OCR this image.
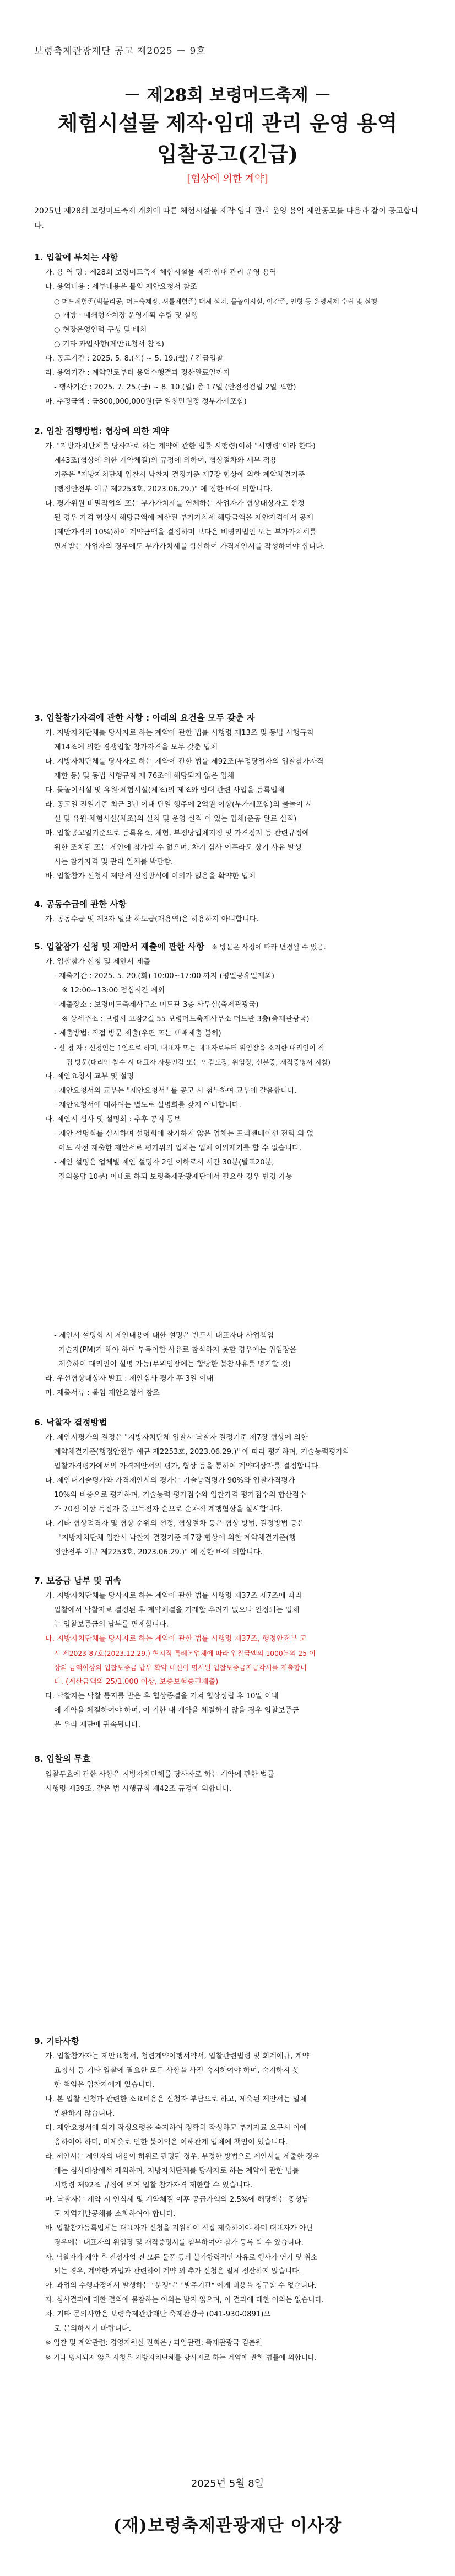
보령축제관광재단 공고 제2025 － 9호
－ 제28회 보령머드축제 －
체험시설물 제작·임대 관리 운영 용역
입찰공고(긴급)
[협상에 의한 계약]
2025년 제28회 보령머드축제 개최에 따른 체험시설물 제작·임대 관리 운영 용역 제안공모를 다음과 같이 공고합니다.
1. 입찰에 부치는 사항
가. 용 역 명 : 제28회 보령머드축제 체험시설물 제작·임대 관리 운영 용역
나. 용역내용 : 세부내용은 붙임 제안요청서 참조
○ 머드체험존(빅블리공, 머드축제장, 셔틀체험존) 대체 설치, 물놀이시설, 야간존, 인형 등 운영체제 수립 및 실행
○ 개방 · 폐쇄형자치장 운영계획 수립 및 실행
○ 현장운영인력 구성 및 배치
○ 기타 과업사항(제안요청서 참조)
다. 공고기간 : 2025. 5. 8.(목) ~ 5. 19.(월) / 긴급입찰
라. 용역기간 : 계약일로부터 용역수행결과 정산완료일까지
- 행사기간 : 2025. 7. 25.(금) ~ 8. 10.(일) 총 17일 (안전점검일 2일 포함)
마. 추정금액 : 금800,000,000원(금 일천만원정 정부가세포함)
2. 입찰 집행방법: 협상에 의한 계약
가. "지방자치단체를 당사자로 하는 계약에 관한 법률 시행령(이하 "시행령"이라 한다)
제43조(협상에 의한 계약체결)의 규정에 의하여, 협상절차와 세부 적용
기준은 "지방자치단체 입찰시 낙찰자 결정기준 제7장 협상에 의한 계약체결기준
(행정안전부 예규 제2253호, 2023.06.29.)" 에 정한 바에 의합니다.
나. 평가위원 비밀작업의 또는 부가가치세를 연체하는 사업자가 협상대상자로 선정
될 경우 가격 협상시 해당금액에 계산된 부가가치세 해당금액을 제안가격에서 공제
(제안가격의 10%)하여 계약금액을 결정하며 보다은 비영리법인 또는 부가가치세를
면제받는 사업자의 경우에도 부가가치세를 합산하여 가격제안서를 작성하여야 합니다.
3. 입찰참가자격에 관한 사항 : 아래의 요건을 모두 갖춘 자
가. 지방자치단체를 당사자로 하는 계약에 관한 법률 시행령 제13조 및 동법 시행규칙
제14조에 의한 경쟁입찰 참가자격을 모두 갖춘 업체
나. 지방자치단체를 당사자로 하는 계약에 관한 법률 제92조(부정당업자의 입찰참가자격
제한 등) 및 동법 시행규칙 제 76조에 해당되지 않은 업체
다. 물놀이시설 및 유원·체험시설(체조)의 제조와 임대 관련 사업을 등록업체
라. 공고일 전일기준 최근 3년 이내 단일 행주에 2억원 이상(부가세포함)의 물놀이 시
설 및 유원·체험시설(체조)의 설치 및 운영 실적 이 있는 업체(준공 완료 실적)
마. 입찰공고일기준으로 등록유소, 체험, 부정당업체지정 및 가격정지 등 관련규정에
위한 조치된 또는 제안에 참가할 수 없으며, 차기 심사 이후라도 상기 사유 발생
시는 참가자격 및 관리 일체를 박탈함.
바. 입찰참가 신청시 제안서 선정방식에 이의가 없음을 확약한 업체
4. 공동수급에 관한 사항
가. 공동수급 및 제3자 일괄 하도급(재용역)은 허용하지 아니합니다.
5. 입찰참가 신청 및 제안서 제출에 관한 사항 ※ 방문은 사정에 따라 변경될 수 있음.
가. 입찰참가 신청 및 제안서 제출
- 제출기간 : 2025. 5. 20.(화) 10:00~17:00 까지 (평일공휴일제외)
※ 12:00~13:00 점심시간 제외
- 제출장소 : 보령머드축제사무소 머드관 3층 사무실(축제관광국)
※ 상세주소 : 보령시 고잠2길 55 보령머드축제사무소 머드관 3층(축제관광국)
- 제출방법: 직접 방문 제출(우편 또는 택배제출 불허)
- 신 청 자 : 신청인는 1인으로 하며, 대표자 또는 대표자로부터 위임장을 소지한 대리인이 직
접 방문(대리인 참수 시 대표자 사용인감 또는 인감도장, 위임장, 신분증, 재직증명서 지참)
나. 제안요청서 교부 및 설명
- 제안요청서의 교부는 "제안요청서" 를 공고 시 첨부하여 교부에 갈음합니다.
- 제안요청서에 대하여는 별도로 설명회를 갖지 아니합니다.
다. 제안서 심사 및 설명회 : 추후 공지 통보
- 제안 설명회를 실시하며 설명회에 참가하지 않은 업체는 프리젠테이션 전력 의 없
이도 사전 제출한 제안서로 평가위의 업체는 업체 이의제기를 할 수 없습니다.
- 제안 설명은 업체별 제안 설명자 2인 이하로서 시간 30분(발표20분,
질의응답 10분) 이내로 하되 보령축제관광재단에서 필요한 경우 변경 가능
- 제안서 설명회 시 제안내용에 대한 설명은 반드시 대표자나 사업책임
기술자(PM)가 해야 하며 부득이한 사유로 참석하지 못할 경우에는 위임장을
제출하여 대리인이 설명 가능(무위임장에는 합당한 불참사유를 명기할 것)
라. 우선협상대상자 발표 : 제안심사 평가 후 3일 이내
마. 제출서류 : 붙임 제안요청서 참조
6. 낙찰자 결정방법
가. 제안서평가의 결정은 "지방자치단체 입찰시 낙찰자 결정기준 제7장 협상에 의한
계약체결기준(행정안전부 예규 제2253호, 2023.06.29.)" 에 따라 평가하며, 기술능력평가와
입찰가격평가에서의 가격제안서의 평가, 협상 등을 통하여 계약대상자를 결정합니다.
나. 제안내기술평가와 가격제안서의 평가는 기술능력평가 90%와 입찰가격평가
10%의 비중으로 평가하며, 기술능력 평가점수와 입찰가격 평가점수의 합산점수
가 70점 이상 득점자 중 고득점자 순으로 순차적 계행협상을 실시합니다.
다. 기타 협상적격자 및 협상 순위의 선정, 협상절차 등은 협상 방법, 결정방법 등은
"지방자치단체 입찰시 낙찰자 결정기준 제7장 협상에 의한 계약체결기준(행
정안전부 예규 제2253호, 2023.06.29.)" 에 정한 바에 의합니다.
7. 보증금 납부 및 귀속
가. 지방자치단체를 당사자로 하는 계약에 관한 법률 시행령 제37조 제7조에 따라
입찰에서 낙찰자로 결정된 후 계약체결을 거래할 우려가 없으나 인정되는 업체
는 입찰보증금의 납부를 면제합니다.
나. 지방자치단체를 당사자로 하는 계약에 관한 법률 시행령 제37조, 행정안전부 고
시 제2023-87호(2023.12.29.) 현지적 특례본업체에 따라 입찰금액의 1000분의 25 이
상의 금액이상의 입찰보증금 납부 확약 대신이 명시된 입찰보증금지급각서를 제출합니
다. (계산금액의 25/1,000 이상, 보증보험증권제출)
다. 낙찰자는 낙찰 통지를 받은 후 협상종결을 거쳐 협상성립 후 10일 이내
에 계약을 체결하여야 하며, 이 기한 내 계약을 체결하지 않을 경우 입찰보증금
은 우리 재단에 귀속됩니다.
8. 입찰의 무효
입찰무효에 관한 사항은 지방자치단체를 당사자로 하는 계약에 관한 법률
시행령 제39조, 같은 법 시행규칙 제42조 규정에 의합니다.
9. 기타사항
가. 입찰참가자는 제안요청서, 청렴계약이행서약서, 입찰관련법령 및 회계예규, 계약
요청서 등 기타 입찰에 필요한 모든 사항을 사전 숙지하여야 하며, 숙지하지 못
한 책임은 입찰자에게 있습니다.
나. 본 입찰 신청과 관련한 소요비용은 신청자 부담으로 하고, 제출된 제안서는 일체
반환하지 않습니다.
다. 제안요청서에 의거 작성요령을 숙지하여 정확히 작성하고 추가자료 요구시 이에
응하여야 하며, 미제출로 인한 불이익은 이해관계 업체에 책임이 있습니다.
라. 제안서는 제안자의 내용이 허위로 판명된 경우, 부정한 방법으로 제안서를 제출한 경우
에는 심사대상에서 제외하며, 지방자치단체를 당사자로 하는 계약에 관한 법률
시행령 제92조 규정에 의거 입찰 참가자격 제한할 수 있습니다.
마. 낙찰자는 계약 시 인식세 및 계약체결 이후 공급가액의 2.5%에 해당하는 총성남
도 지역개발공채를 소화하여야 합니다.
바. 입찰참가등록업체는 대표자가 신청을 지원하여 직접 제출하여야 하며 대표자가 아닌
경우에는 대표자의 위임장 및 재직증명서를 첨부하여야 참가 등록 할 수 있습니다.
사. 낙찰자가 계약 후 전성사업 전 모든 물품 등의 불가항력적인 사유로 행사가 연기 및 취소
되는 경우, 계약한 과업과 관련하여 계약 외 추가 신청은 일체 정산하지 않습니다.
아. 과업의 수행과정에서 발생하는 "분쟁"은 "발주기관" 에게 비용을 청구할 수 없습니다.
자. 심사결과에 대한 결의에 불참하는 이의는 받지 않으며, 이 결과에 대한 이의는 없습니다.
차. 기타 문의사항은 보령축제관광재단 축제관광국 (041-930-0891)으
로 문의하시기 바랍니다.
※ 입찰 및 계약관련: 경영지원실 진회은 / 과업관련: 축제관광국 김춘원
※ 기타 명시되지 않은 사항은 지방자치단체를 당사자로 하는 계약에 관한 법률에 의합니다.
2025년 5월 8일
(재)보령축제관광재단 이사장
